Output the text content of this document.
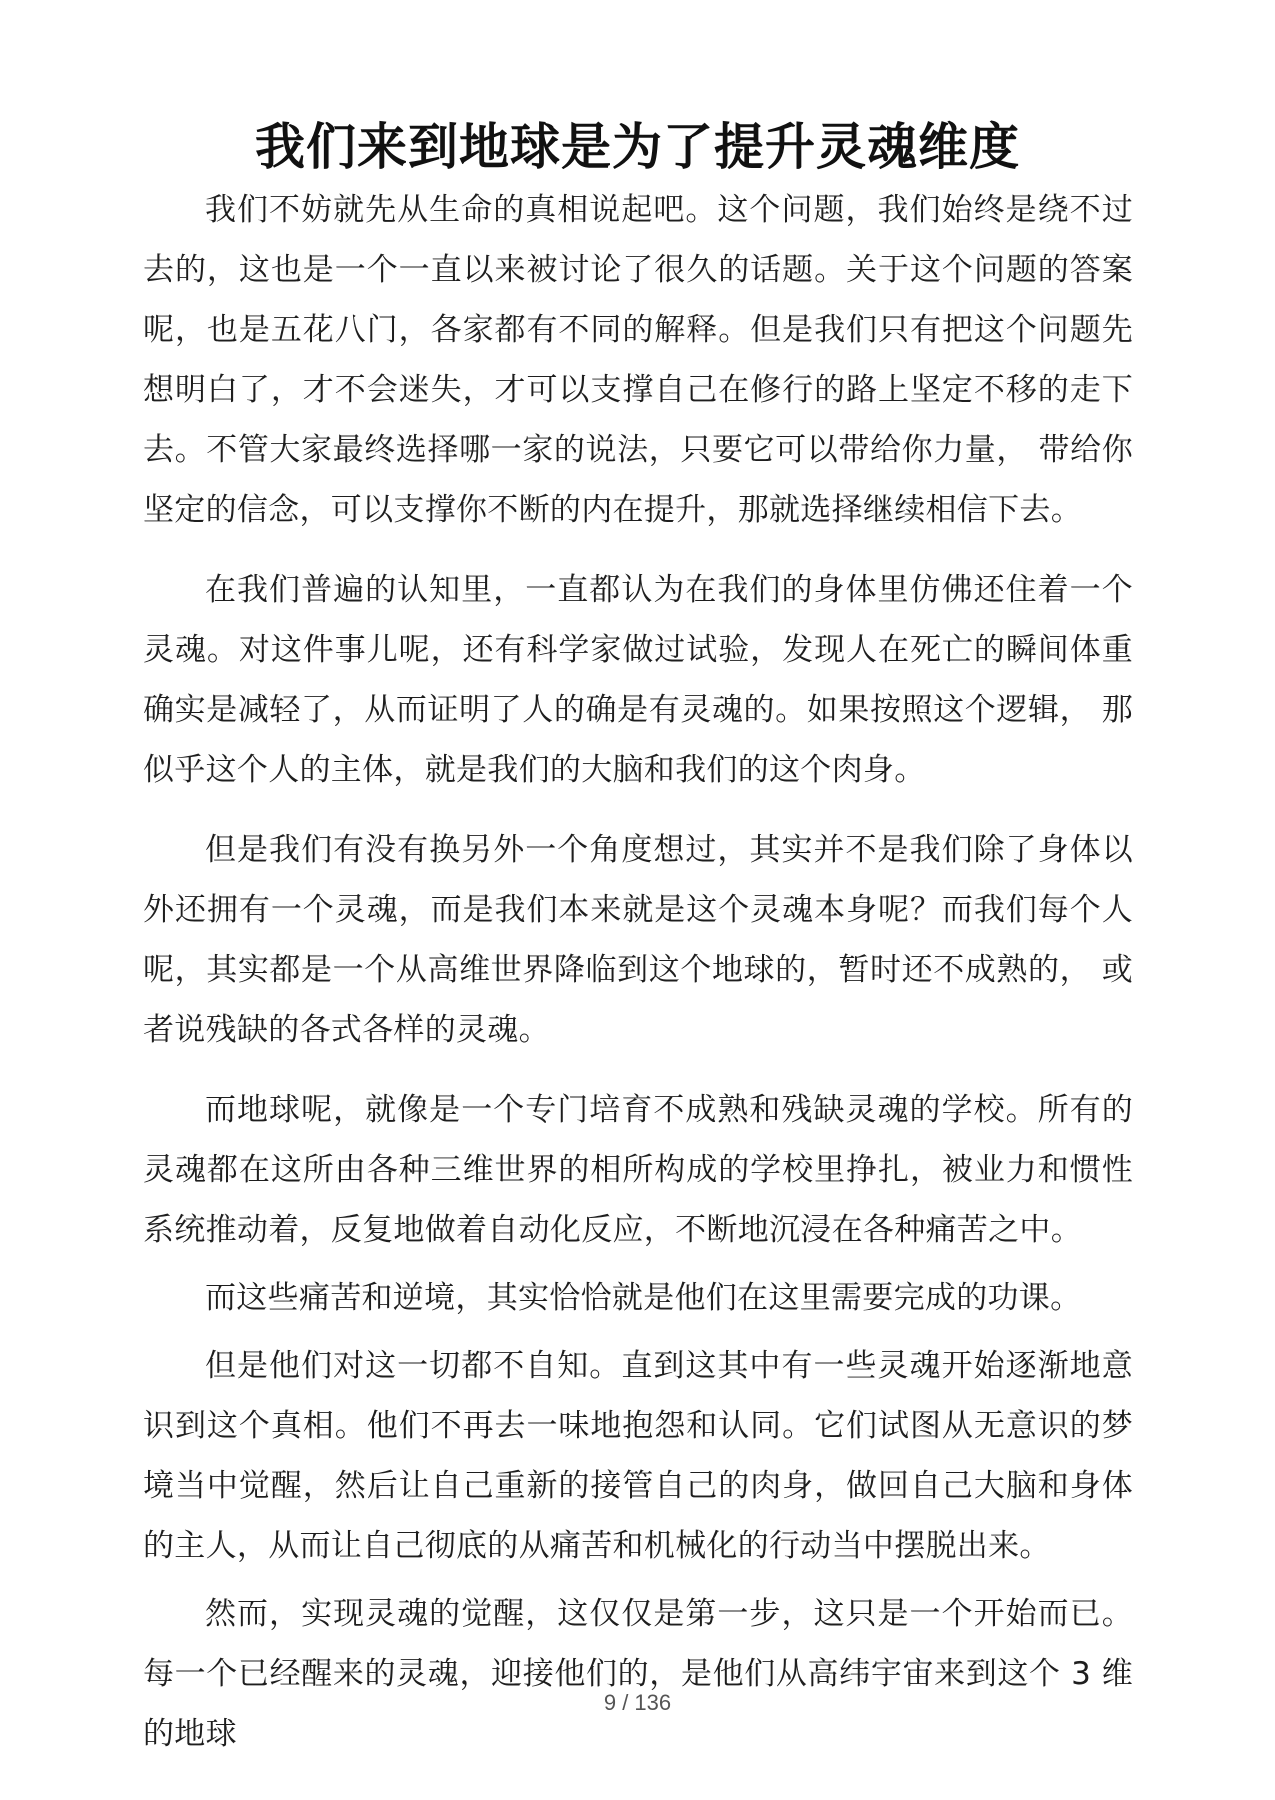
我们来到地球是为了提升灵魂维度

我们不妨就先从生命的真相说起吧。这个问题，我们始终是绕不过去的，这也是一个一直以来被讨论了很久的话题。关于这个问题的答案呢，也是五花八门，各家都有不同的解释。但是我们只有把这个问题先想明白了，才不会迷失，才可以支撑自己在修行的路上坚定不移的走下去。不管大家最终选择哪一家的说法，只要它可以带给你力量， 带给你坚定的信念，可以支撑你不断的内在提升，那就选择继续相信下去。

在我们普遍的认知里，一直都认为在我们的身体里仿佛还住着一个灵魂。对这件事儿呢，还有科学家做过试验，发现人在死亡的瞬间体重确实是减轻了，从而证明了人的确是有灵魂的。如果按照这个逻辑， 那似乎这个人的主体，就是我们的大脑和我们的这个肉身。

但是我们有没有换另外一个角度想过，其实并不是我们除了身体以外还拥有一个灵魂，而是我们本来就是这个灵魂本身呢？而我们每个人呢，其实都是一个从高维世界降临到这个地球的，暂时还不成熟的， 或者说残缺的各式各样的灵魂。

而地球呢，就像是一个专门培育不成熟和残缺灵魂的学校。所有的灵魂都在这所由各种三维世界的相所构成的学校里挣扎，被业力和惯性系统推动着，反复地做着自动化反应，不断地沉浸在各种痛苦之中。

而这些痛苦和逆境，其实恰恰就是他们在这里需要完成的功课。

但是他们对这一切都不自知。直到这其中有一些灵魂开始逐渐地意识到这个真相。他们不再去一味地抱怨和认同。它们试图从无意识的梦境当中觉醒，然后让自己重新的接管自己的肉身，做回自己大脑和身体的主人，从而让自己彻底的从痛苦和机械化的行动当中摆脱出来。

然而，实现灵魂的觉醒，这仅仅是第一步，这只是一个开始而已。每一个已经醒来的灵魂，迎接他们的，是他们从高纬宇宙来到这个 3 维的地球

9 / 136
